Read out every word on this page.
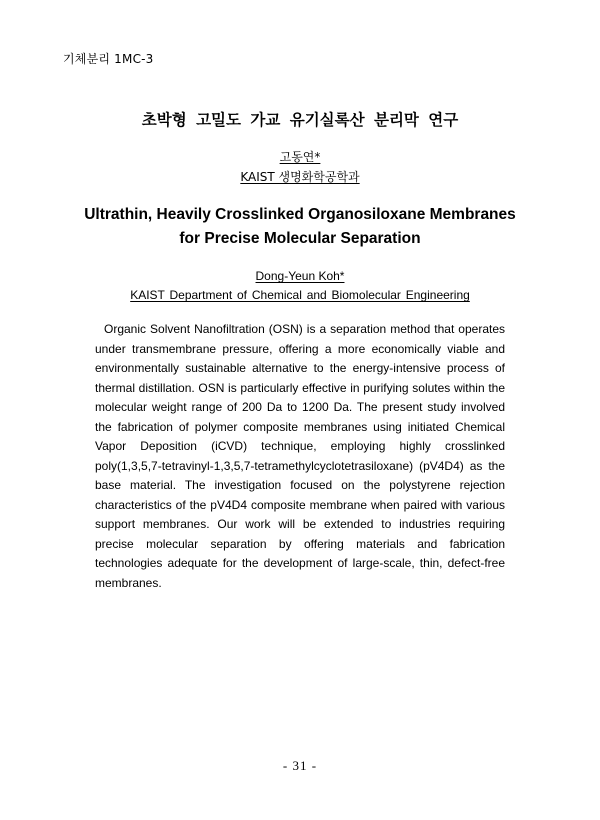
기체분리 1MC-3
초박형 고밀도 가교 유기실록산 분리막 연구
고동연*
KAIST 생명화학공학과
Ultrathin, Heavily Crosslinked Organosiloxane Membranes
for Precise Molecular Separation
Dong-Yeun Koh*
KAIST Department of Chemical and Biomolecular Engineering

Organic Solvent Nanofiltration (OSN) is a separation method that operates under transmembrane pressure, offering a more economically viable and environmentally sustainable alternative to the energy-intensive process of thermal distillation. OSN is particularly effective in purifying solutes within the molecular weight range of 200 Da to 1200 Da. The present study involved the fabrication of polymer composite membranes using initiated Chemical Vapor Deposition (iCVD) technique, employing highly crosslinked poly(1,3,5,7-tetravinyl-1,3,5,7-tetramethylcyclotetrasiloxane) (pV4D4) as the base material. The investigation focused on the polystyrene rejection characteristics of the pV4D4 composite membrane when paired with various support membranes. Our work will be extended to industries requiring precise molecular separation by offering materials and fabrication technologies adequate for the development of large-scale, thin, defect-free membranes.

- 31 -
